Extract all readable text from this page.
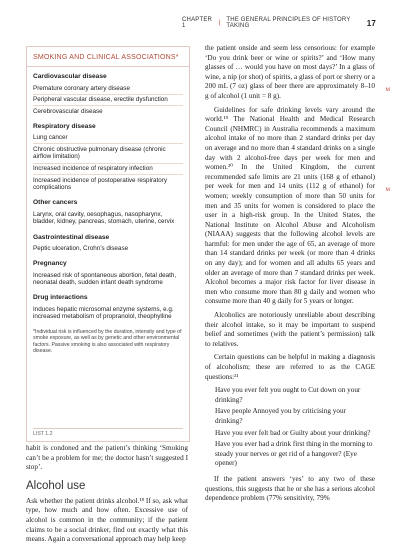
CHAPTER 1	| THE GENERAL PRINCIPLES OF HISTORY TAKING	17
SMOKING AND CLINICAL ASSOCIATIONS*
Cardiovascular disease
Premature coronary artery disease
Peripheral vascular disease, erectile dysfunction
Cerebrovascular disease
Respiratory disease
Lung cancer
Chronic obstructive pulmonary disease (chronic airflow limitation)
Increased incidence of respiratory infection
Increased incidence of postoperative respiratory complications
Other cancers
Larynx, oral cavity, oesophagus, nasopharynx, bladder, kidney, pancreas, stomach, uterine, cervix
Gastrointestinal disease
Peptic ulceration, Crohn’s disease
Pregnancy
Increased risk of spontaneous abortion, fetal death, neonatal death, sudden infant death syndrome
Drug interactions
Induces hepatic microsomal enzyme systems, e.g. increased metabolism of propranolol, theophylline
*Individual risk is influenced by the duration, intensity and type of smoke exposure, as well as by genetic and other environmental factors. Passive smoking is also associated with respiratory disease.
LIST 1.2

habit is condoned and the patient’s thinking ‘Smoking can’t be a problem for me; the doctor hasn’t suggested I stop’.

Alcohol use

Ask whether the patient drinks alcohol.¹⁸ If so, ask what type, how much and how often. Excessive use of alcohol is common in the community; if the patient claims to be a social drinker, find out exactly what this means. Again a conversational approach may help keep

the patient onside and seem less censorious: for example ‘Do you drink beer or wine or spirits?’ and ‘How many glasses of … would you have on most days?’ In a glass of wine, a nip (or shot) of spirits, a glass of port or sherry or a 200 mL (7 oz) glass of beer there are approximately 8–10 g of alcohol (1 unit = 8 g).

Guidelines for safe drinking levels vary around the world.¹⁹ The National Health and Medical Research Council (NHMRC) in Australia recommends a maximum alcohol intake of no more than 2 standard drinks per day on average and no more than 4 standard drinks on a single day with 2 alcohol-free days per week for men and women.²⁰ In the United Kingdom, the current recommended safe limits are 21 units (168 g of ethanol) per week for men and 14 units (112 g of ethanol) for women; weekly consumption of more than 50 units for men and 35 units for women is considered to place the user in a high-risk group. In the United States, the National Institute on Alcohol Abuse and Alcoholism (NIAAA) suggests that the following alcohol levels are harmful: for men under the age of 65, an average of more than 14 standard drinks per week (or more than 4 drinks on any day); and for women and all adults 65 years and older an average of more than 7 standard drinks per week. Alcohol becomes a major risk factor for liver disease in men who consume more than 80 g daily and women who consume more than 40 g daily for 5 years or longer.

Alcoholics are notoriously unreliable about describing their alcohol intake, so it may be important to suspend belief and sometimes (with the patient’s permission) talk to relatives.

Certain questions can be helpful in making a diagnosis of alcoholism; these are referred to as the CAGE questions:²¹

Have you ever felt you ought to Cut down on your drinking?
Have people Annoyed you by criticising your drinking?
Have you ever felt bad or Guilty about your drinking?
Have you ever had a drink first thing in the morning to steady your nerves or get rid of a hangover? (Eye opener)

If the patient answers ‘yes’ to any two of these questions, this suggests that he or she has a serious alcohol dependence problem (77% sensitivity, 79%

M
M
